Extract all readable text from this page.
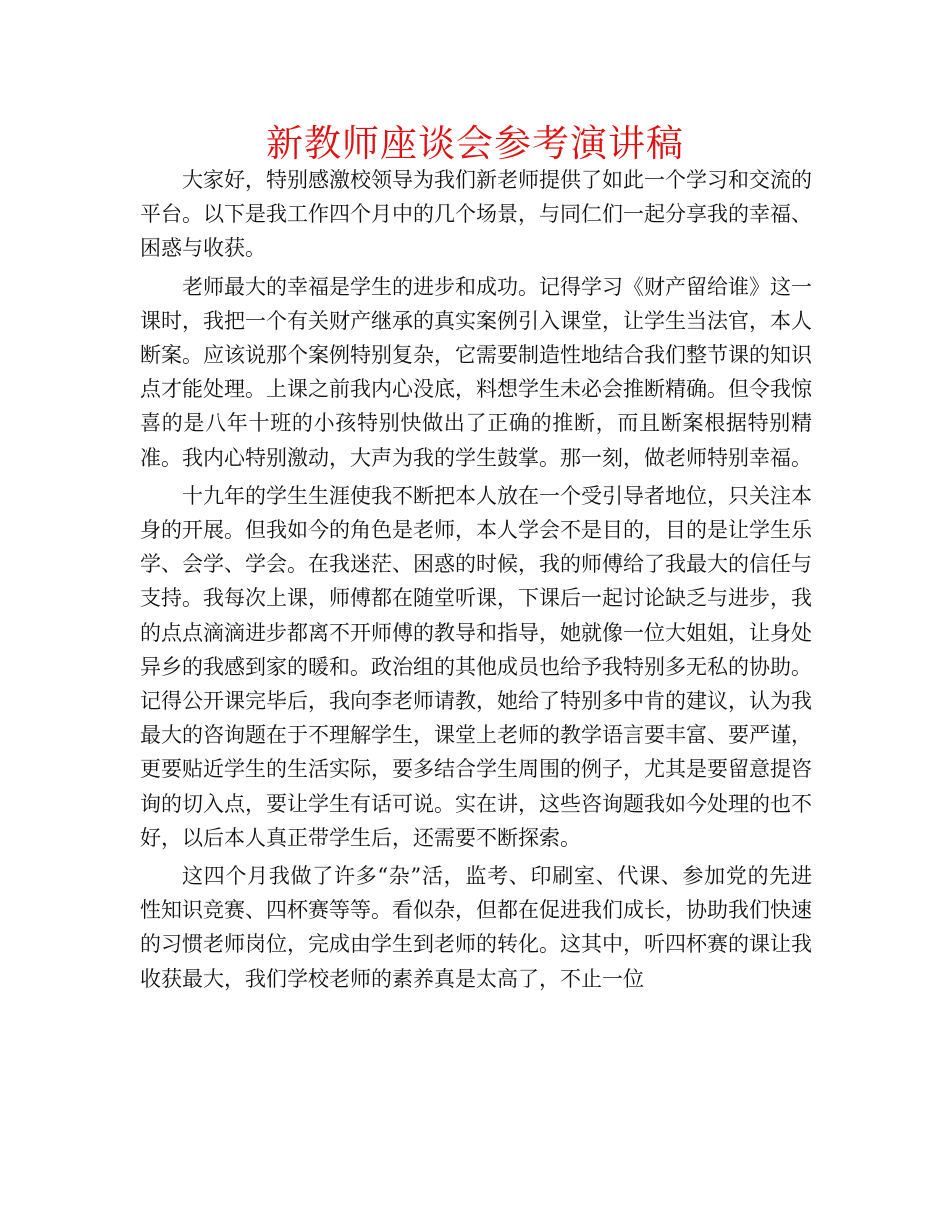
新教师座谈会参考演讲稿

大家好，特别感激校领导为我们新老师提供了如此一个学习和交流的平台。以下是我工作四个月中的几个场景，与同仁们一起分享我的幸福、困惑与收获。

老师最大的幸福是学生的进步和成功。记得学习《财产留给谁》这一课时，我把一个有关财产继承的真实案例引入课堂，让学生当法官，本人断案。应该说那个案例特别复杂，它需要制造性地结合我们整节课的知识点才能处理。上课之前我内心没底，料想学生未必会推断精确。但令我惊喜的是八年十班的小孩特别快做出了正确的推断，而且断案根据特别精准。我内心特别激动，大声为我的学生鼓掌。那一刻，做老师特别幸福。

十九年的学生生涯使我不断把本人放在一个受引导者地位，只关注本身的开展。但我如今的角色是老师，本人学会不是目的，目的是让学生乐学、会学、学会。在我迷茫、困惑的时候，我的师傅给了我最大的信任与支持。我每次上课，师傅都在随堂听课，下课后一起讨论缺乏与进步，我的点点滴滴进步都离不开师傅的教导和指导，她就像一位大姐姐，让身处异乡的我感到家的暖和。政治组的其他成员也给予我特别多无私的协助。记得公开课完毕后，我向李老师请教，她给了特别多中肯的建议，认为我最大的咨询题在于不理解学生，课堂上老师的教学语言要丰富、要严谨，更要贴近学生的生活实际，要多结合学生周围的例子，尤其是要留意提咨询的切入点，要让学生有话可说。实在讲，这些咨询题我如今处理的也不好，以后本人真正带学生后，还需要不断探索。

这四个月我做了许多“杂”活，监考、印刷室、代课、参加党的先进性知识竞赛、四杯赛等等。看似杂，但都在促进我们成长，协助我们快速的习惯老师岗位，完成由学生到老师的转化。这其中，听四杯赛的课让我收获最大，我们学校老师的素养真是太高了，不止一位
